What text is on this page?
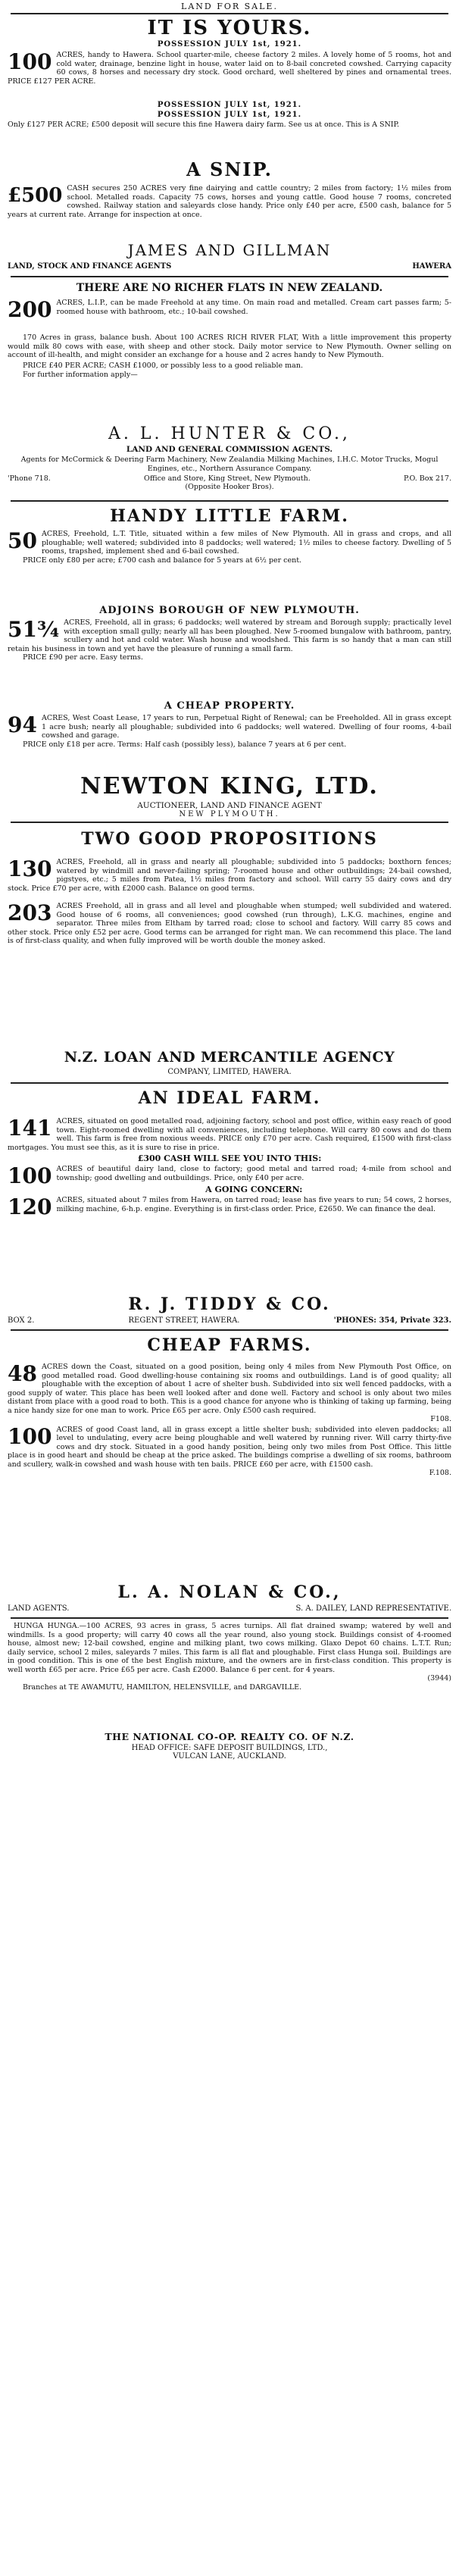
LAND FOR SALE.
IT IS YOURS.
POSSESSION JULY 1st, 1921.
100 ACRES, handy to Hawera. School quarter-mile, cheese factory 2 miles. A lovely home of 5 rooms, hot and cold water, drainage, benzine light in house, water laid on to 8-bail concreted cowshed. Carrying capacity 60 cows, 8 horses and necessary dry stock. Good orchard, well sheltered by pines and ornamental trees. PRICE £127 PER ACRE.
POSSESSION JULY 1st, 1921.
POSSESSION JULY 1st, 1921.
Only £127 PER ACRE; £500 deposit will secure this fine Hawera dairy farm. See us at once. This is A SNIP.
A SNIP.
£500 CASH secures 250 ACRES very fine dairying and cattle country; 2 miles from factory; 1½ miles from school. Metalled roads. Capacity 75 cows, horses and young cattle. Good house 7 rooms, concreted cowshed. Railway station and saleyards close handy. Price only £40 per acre, £500 cash, balance for 5 years at current rate. Arrange for inspection at once.
JAMES AND GILLMAN
LAND, STOCK AND FINANCE AGENTS	HAWERA
THERE ARE NO RICHER FLATS IN NEW ZEALAND.
200 ACRES, L.I.P., can be made Freehold at any time. On main road and metalled. Cream cart passes farm; 5-roomed house with bathroom, etc.; 10-bail cowshed.
170 Acres in grass, balance bush. About 100 ACRES RICH RIVER FLAT, With a little improvement this property would milk 80 cows with ease, with sheep and other stock. Daily motor service to New Plymouth. Owner selling on account of ill-health, and might consider an exchange for a house and 2 acres handy to New Plymouth.
PRICE £40 PER ACRE; CASH £1000, or possibly less to a good reliable man.
For further information apply—
A. L. HUNTER & CO.,
LAND AND GENERAL COMMISSION AGENTS.
Agents for McCormick & Deering Farm Machinery, New Zealandia Milking Machines, I.H.C. Motor Trucks, Mogul Engines, etc., Northern Assurance Company.
'Phone 718.	Office and Store, King Street, New Plymouth.	P.O. Box 217.
(Opposite Hooker Bros).
HANDY LITTLE FARM.
50 ACRES, Freehold, L.T. Title, situated within a few miles of New Plymouth. All in grass and crops, and all ploughable; well watered; subdivided into 8 paddocks; well watered; 1½ miles to cheese factory. Dwelling of 5 rooms, trapshed, implement shed and 6-bail cowshed.
PRICE only £80 per acre; £700 cash and balance for 5 years at 6½ per cent.
ADJOINS BOROUGH OF NEW PLYMOUTH.
51¾ ACRES, Freehold, all in grass; 6 paddocks; well watered by stream and Borough supply; practically level with exception small gully; nearly all has been ploughed. New 5-roomed bungalow with bathroom, pantry, scullery and hot and cold water. Wash house and woodshed. This farm is so handy that a man can still retain his business in town and yet have the pleasure of running a small farm.
PRICE £90 per acre. Easy terms.
A CHEAP PROPERTY.
94 ACRES, West Coast Lease, 17 years to run, Perpetual Right of Renewal; can be Freeholded. All in grass except 1 acre bush; nearly all ploughable; subdivided into 6 paddocks; well watered. Dwelling of four rooms, 4-bail cowshed and garage.
PRICE only £18 per acre. Terms: Half cash (possibly less), balance 7 years at 6 per cent.
NEWTON KING, LTD.
AUCTIONEER, LAND AND FINANCE AGENT
NEW PLYMOUTH.
TWO GOOD PROPOSITIONS
130 ACRES, Freehold, all in grass and nearly all ploughable; subdivided into 5 paddocks; boxthorn fences; watered by windmill and never-failing spring; 7-roomed house and other outbuildings; 24-bail cowshed, pigstyes, etc.; 5 miles from Patea, 1½ miles from factory and school. Will carry 55 dairy cows and dry stock. Price £70 per acre, with £2000 cash. Balance on good terms.
203 ACRES Freehold, all in grass and all level and ploughable when stumped; well subdivided and watered. Good house of 6 rooms, all conveniences; good cowshed (run through), L.K.G. machines, engine and separator. Three miles from Eltham by tarred road; close to school and factory. Will carry 85 cows and other stock. Price only £52 per acre. Good terms can be arranged for right man. We can recommend this place. The land is of first-class quality, and when fully improved will be worth double the money asked.
N.Z. LOAN AND MERCANTILE AGENCY
COMPANY, LIMITED, HAWERA.
AN IDEAL FARM.
141 ACRES, situated on good metalled road, adjoining factory, school and post office, within easy reach of good town. Eight-roomed dwelling with all conveniences, including telephone. Will carry 80 cows and do them well. This farm is free from noxious weeds. PRICE only £70 per acre. Cash required, £1500 with first-class mortgages. You must see this, as it is sure to rise in price.
£300 CASH WILL SEE YOU INTO THIS:
100 ACRES of beautiful dairy land, close to factory; good metal and tarred road; 4-mile from school and township; good dwelling and outbuildings. Price, only £40 per acre.
A GOING CONCERN:
120 ACRES, situated about 7 miles from Hawera, on tarred road; lease has five years to run; 54 cows, 2 horses, milking machine, 6-h.p. engine. Everything is in first-class order. Price, £2650. We can finance the deal.
R. J. TIDDY & CO.
BOX 2.	REGENT STREET, HAWERA.	'PHONES: 354, Private 323.
CHEAP FARMS.
48 ACRES down the Coast, situated on a good position, being only 4 miles from New Plymouth Post Office, on good metalled road. Good dwelling-house containing six rooms and outbuildings. Land is of good quality; all ploughable with the exception of about 1 acre of shelter bush. Subdivided into six well fenced paddocks, with a good supply of water. This place has been well looked after and done well. Factory and school is only about two miles distant from place with a good road to both. This is a good chance for anyone who is thinking of taking up farming, being a nice handy size for one man to work. Price £65 per acre. Only £500 cash required.
F108.
100 ACRES of good Coast land, all in grass except a little shelter bush; subdivided into eleven paddocks; all level to undulating, every acre being ploughable and well watered by running river. Will carry thirty-five cows and dry stock. Situated in a good handy position, being only two miles from Post Office. This little place is in good heart and should be cheap at the price asked. The buildings comprise a dwelling of six rooms, bathroom and scullery, walk-in cowshed and wash house with ten bails. PRICE £60 per acre, with £1500 cash.
F.108.
L. A. NOLAN & CO.,
LAND AGENTS.	S. A. DAILEY, LAND REPRESENTATIVE.
HUNGA HUNGA.—100 ACRES, 93 acres in grass, 5 acres turnips. All flat drained swamp; watered by well and windmills. Is a good property; will carry 40 cows all the year round, also young stock. Buildings consist of 4-roomed house, almost new; 12-bail cowshed, engine and milking plant, two cows milking. Glaxo Depot 60 chains. L.T.T. Run; daily service, school 2 miles, saleyards 7 miles. This farm is all flat and ploughable. First class Hunga soil. Buildings are in good condition. This is one of the best English mixture, and the owners are in first-class condition. This property is well worth £65 per acre. Price £65 per acre. Cash £2000. Balance 6 per cent. for 4 years.
(3944)
Branches at TE AWAMUTU, HAMILTON, HELENSVILLE, and DARGAVILLE.
THE NATIONAL CO-OP. REALTY CO. OF N.Z.
HEAD OFFICE: SAFE DEPOSIT BUILDINGS, LTD.,
VULCAN LANE, AUCKLAND.
